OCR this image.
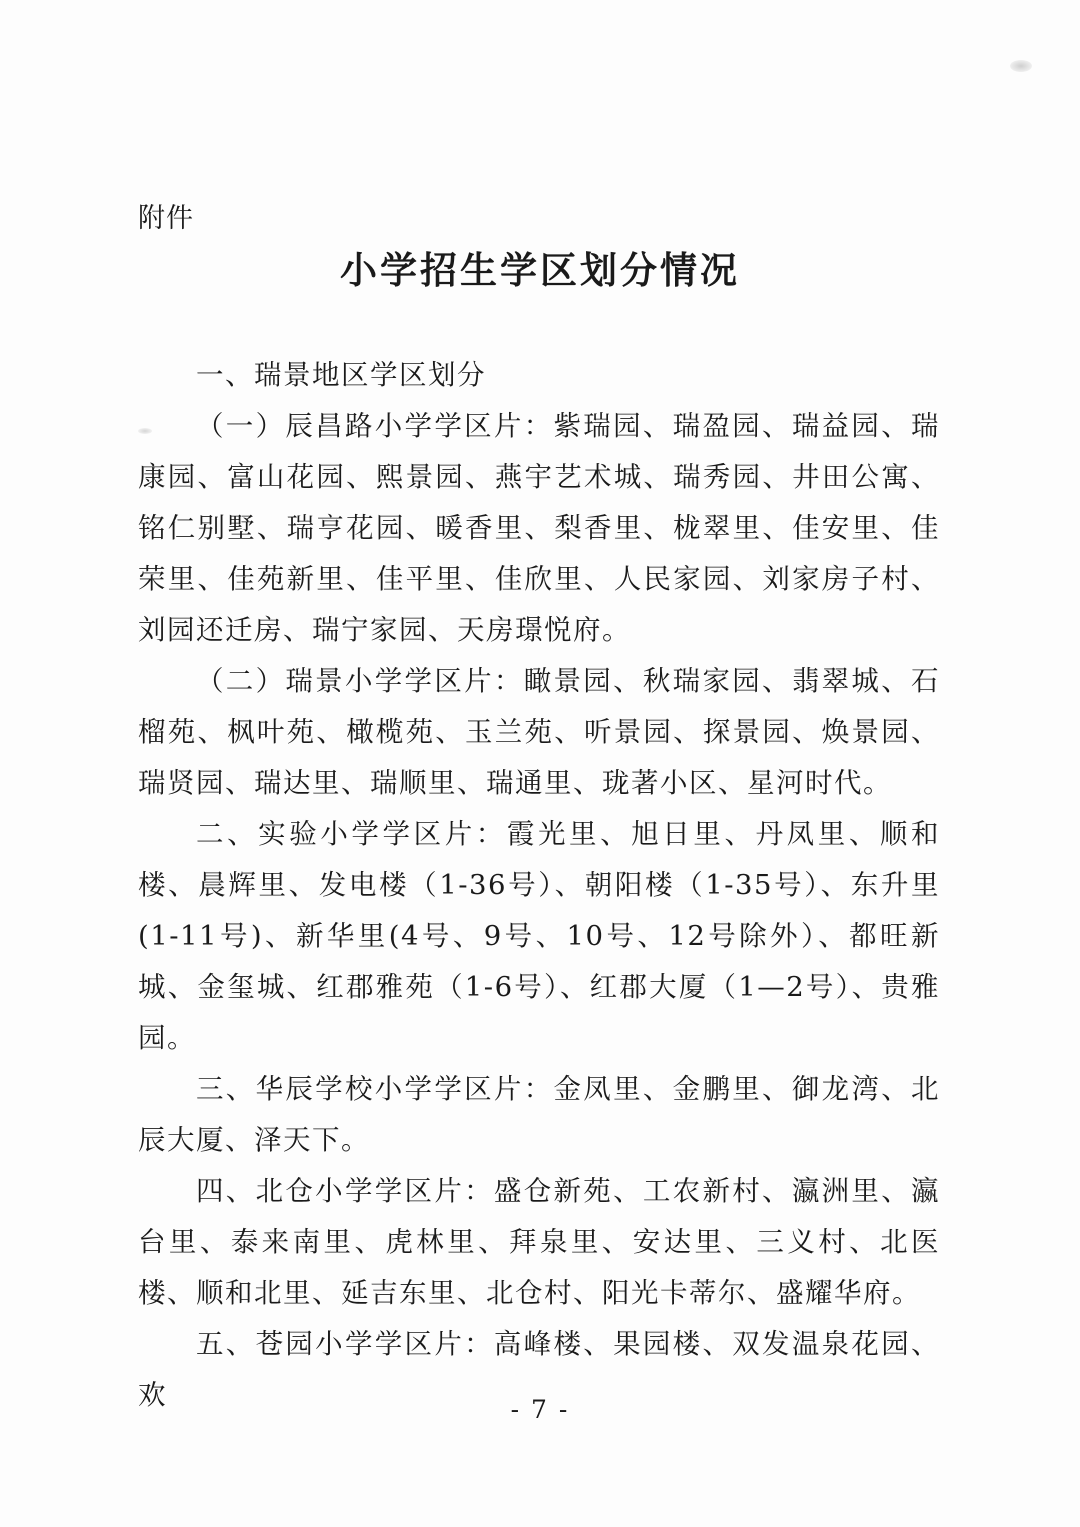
附件
小学招生学区划分情况

一、瑞景地区学区划分

（一）辰昌路小学学区片：紫瑞园、瑞盈园、瑞益园、瑞康园、富山花园、熙景园、燕宇艺术城、瑞秀园、井田公寓、铭仁别墅、瑞亨花园、暖香里、梨香里、栊翠里、佳安里、佳荣里、佳苑新里、佳平里、佳欣里、人民家园、刘家房子村、刘园还迁房、瑞宁家园、天房璟悦府。

（二）瑞景小学学区片：瞰景园、秋瑞家园、翡翠城、石榴苑、枫叶苑、橄榄苑、玉兰苑、听景园、探景园、焕景园、瑞贤园、瑞达里、瑞顺里、瑞通里、珑著小区、星河时代。

二、实验小学学区片：霞光里、旭日里、丹凤里、顺和楼、晨辉里、发电楼（1-36号）、朝阳楼（1-35号）、东升里(1-11号)、新华里(4号、9号、10号、12号除外）、都旺新城、金玺城、红郡雅苑（1-6号）、红郡大厦（1—2号）、贵雅园。

三、华辰学校小学学区片：金凤里、金鹏里、御龙湾、北辰大厦、泽天下。

四、北仓小学学区片：盛仓新苑、工农新村、瀛洲里、瀛台里、泰来南里、虎林里、拜泉里、安达里、三义村、北医楼、顺和北里、延吉东里、北仓村、阳光卡蒂尔、盛耀华府。

五、苍园小学学区片：高峰楼、果园楼、双发温泉花园、欢	- 7 -
